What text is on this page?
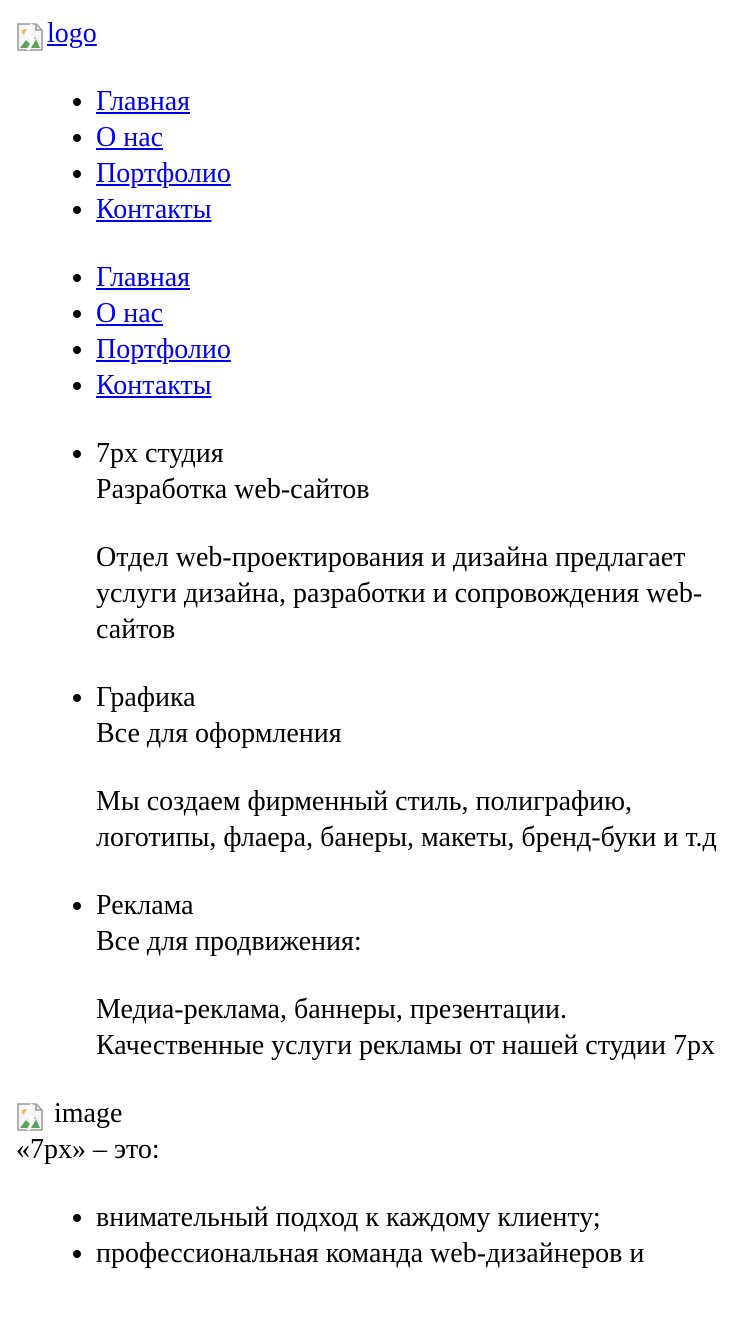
logo
• Главная
• О нас
• Портфолио
• Контакты
• Главная
• О нас
• Портфолио
• Контакты
• 7px студия
Разработка web-сайтов
Отдел web-проектирования и дизайна предлагает услуги дизайна, разработки и сопровождения web-сайтов
• Графика
Все для оформления
Мы создаем фирменный стиль, полиграфию, логотипы, флаера, банеры, макеты, бренд-буки и т.д
• Реклама
Все для продвижения:
Медиа-реклама, баннеры, презентации. Качественные услуги рекламы от нашей студии 7px
image
«7px» – это:
• внимательный подход к каждому клиенту;
• профессиональная команда web-дизайнеров и
